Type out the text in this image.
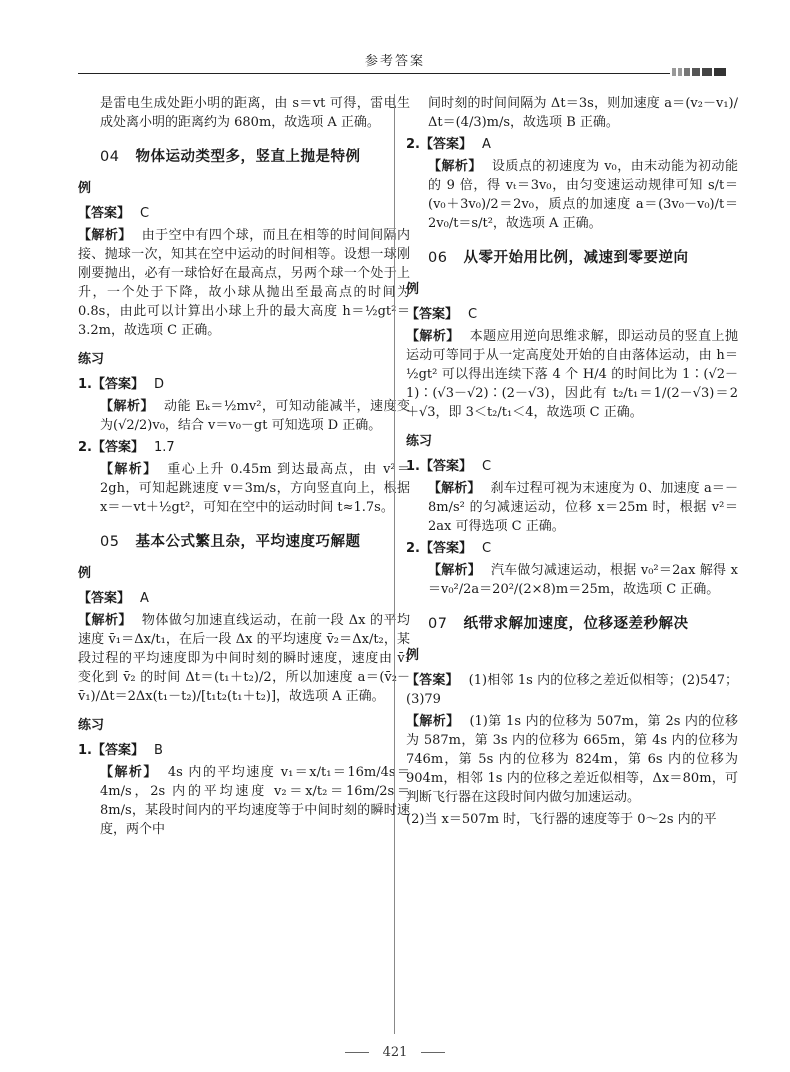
参考答案

是雷电生成处距小明的距离，由 s＝vt 可得，雷电生成处离小明的距离约为 680m，故选项 A 正确。

04 物体运动类型多，竖直上抛是特例
例

【答案】 C

【解析】 由于空中有四个球，而且在相等的时间间隔内接、抛球一次，知其在空中运动的时间相等。设想一球刚刚要抛出，必有一球恰好在最高点，另两个球一个处于上升，一个处于下降，故小球从抛出至最高点的时间为 0.8s，由此可以计算出小球上升的最大高度 h＝½gt²＝3.2m，故选项 C 正确。

练习

1.【答案】 D

【解析】 动能 Eₖ＝½mv²，可知动能减半，速度变为(√2/2)v₀，结合 v＝v₀－gt 可知选项 D 正确。

2.【答案】 1.7

【解析】 重心上升 0.45m 到达最高点，由 v²＝2gh，可知起跳速度 v＝3m/s，方向竖直向上，根据 x＝－vt＋½gt²，可知在空中的运动时间 t≈1.7s。

05 基本公式繁且杂，平均速度巧解题
例

【答案】 A

【解析】 物体做匀加速直线运动，在前一段 Δx 的平均速度 v̄₁＝Δx/t₁，在后一段 Δx 的平均速度 v̄₂＝Δx/t₂，某段过程的平均速度即为中间时刻的瞬时速度，速度由 v̄₁ 变化到 v̄₂ 的时间 Δt＝(t₁＋t₂)/2，所以加速度 a＝(v̄₂－v̄₁)/Δt＝2Δx(t₁－t₂)/[t₁t₂(t₁＋t₂)]，故选项 A 正确。

练习

1.【答案】 B

【解析】 4s 内的平均速度 v₁＝x/t₁＝16m/4s＝4m/s，2s 内的平均速度 v₂＝x/t₂＝16m/2s＝8m/s，某段时间内的平均速度等于中间时刻的瞬时速度，两个中

间时刻的时间间隔为 Δt＝3s，则加速度 a＝(v₂－v₁)/Δt＝(4/3)m/s，故选项 B 正确。

2.【答案】 A

【解析】 设质点的初速度为 v₀，由末动能为初动能的 9 倍，得 vₜ＝3v₀，由匀变速运动规律可知 s/t＝(v₀＋3v₀)/2＝2v₀，质点的加速度 a＝(3v₀－v₀)/t＝2v₀/t＝s/t²，故选项 A 正确。

06 从零开始用比例，减速到零要逆向
例

【答案】 C

【解析】 本题应用逆向思维求解，即运动员的竖直上抛运动可等同于从一定高度处开始的自由落体运动，由 h＝½gt² 可以得出连续下落 4 个 H/4 的时间比为 1∶(√2－1)∶(√3－√2)∶(2－√3)，因此有 t₂/t₁＝1/(2－√3)＝2＋√3，即 3＜t₂/t₁＜4，故选项 C 正确。

练习

1.【答案】 C

【解析】 刹车过程可视为末速度为 0、加速度 a＝－8m/s² 的匀减速运动，位移 x＝25m 时，根据 v²＝2ax 可得选项 C 正确。

2.【答案】 C

【解析】 汽车做匀减速运动，根据 v₀²＝2ax 解得 x＝v₀²/2a＝20²/(2×8)m＝25m，故选项 C 正确。

07 纸带求解加速度，位移逐差秒解决
例

【答案】 (1)相邻 1s 内的位移之差近似相等；(2)547；(3)79

【解析】 (1)第 1s 内的位移为 507m，第 2s 内的位移为 587m，第 3s 内的位移为 665m，第 4s 内的位移为 746m，第 5s 内的位移为 824m，第 6s 内的位移为 904m，相邻 1s 内的位移之差近似相等，Δx＝80m，可判断飞行器在这段时间内做匀加速运动。

(2)当 x＝507m 时，飞行器的速度等于 0～2s 内的平

421
